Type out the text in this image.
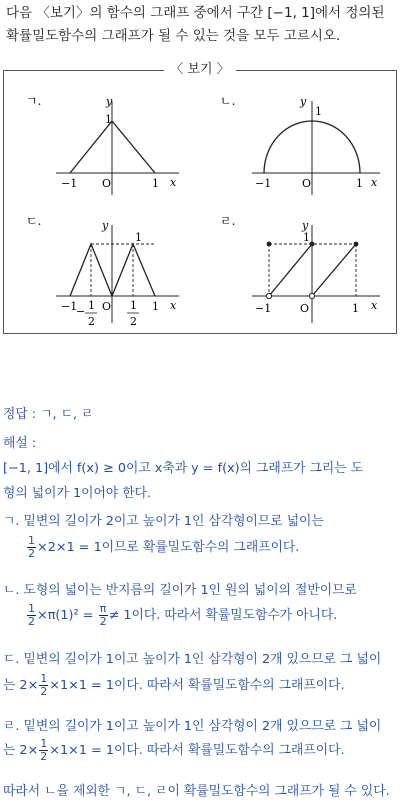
다음 〈보기〉의 함수의 그래프 중에서 구간 [−1, 1]에서 정의된
확률밀도함수의 그래프가 될 수 있는 것을 모두 고르시오.
〈 보기 〉
ㄱ.	y
x
1
−1 O	1
ㄴ.	y
x
1
−1	O	1
ㄷ.	y
x
1
−1 O	1
− 1
2
1
2
ㄹ.	y
x
1
−1	O	1
정답 : ㄱ, ㄷ, ㄹ
해설 :
[−1, 1]에서 f(x) ≥ 0이고 x축과 y = f(x)의 그래프가 그리는 도
형의 넓이가 1이어야 한다.
ㄱ. 밑변의 길이가 2이고 높이가 1인 삼각형이므로 넓이는
$\frac{1}{2} \times 2\times 1 = 1$이므로 확률밀도함수의 그래프이다.
ㄴ. 도형의 넓이는 반지름의 길이가 1인 원의 넓이의 절반이므로
$\frac{1}{2} \times\pi(1)^2 = \frac{\pi}{2} \ne 1$이다. 따라서 확률밀도함수가 아니다.
ㄷ. 밑변의 길이가 1이고 높이가 1인 삼각형이 2개 있으므로 그 넓이
는 $2\times \frac{1}{2} \times 1\times 1 = 1$이다. 따라서 확률밀도함수의 그래프이다.
ㄹ. 밑변의 길이가 1이고 높이가 1인 삼각형이 2개 있으므로 그 넓이
는 $2\times \frac{1}{2} \times 1\times 1 = 1$이다. 따라서 확률밀도함수의 그래프이다.
따라서 ㄴ을 제외한 ㄱ, ㄷ, ㄹ이 확률밀도함수의 그래프가 될 수 있다.
